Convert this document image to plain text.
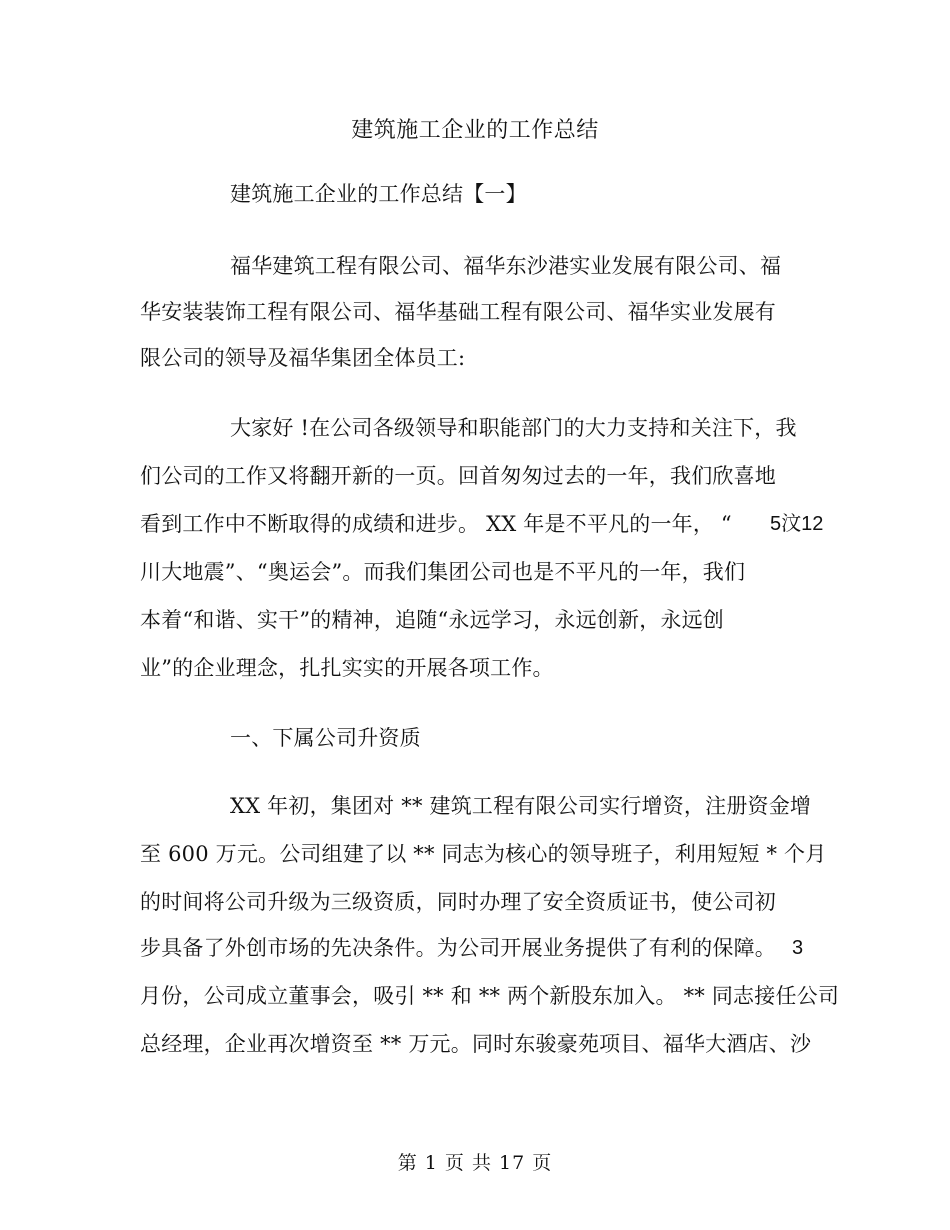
建筑施工企业的工作总结
建筑施工企业的工作总结【一】
福华建筑工程有限公司、福华东沙港实业发展有限公司、福
华安装装饰工程有限公司、福华基础工程有限公司、福华实业发展有
限公司的领导及福华集团全体员工:
大家好 !在公司各级领导和职能部门的大力支持和关注下，我
们公司的工作又将翻开新的一页。回首匆匆过去的一年，我们欣喜地
看到工作中不断取得的成绩和进步。 XX 年是不平凡的一年， “ 5汶12
川大地震”、“奥运会”。而我们集团公司也是不平凡的一年，我们
本着“和谐、实干”的精神，追随“永远学习，永远创新，永远创
业”的企业理念，扎扎实实的开展各项工作。
一、下属公司升资质
XX 年初，集团对 ** 建筑工程有限公司实行增资，注册资金增
至 600 万元。公司组建了以 ** 同志为核心的领导班子，利用短短 * 个月
的时间将公司升级为三级资质，同时办理了安全资质证书，使公司初
步具备了外创市场的先决条件。为公司开展业务提供了有利的保障。 3
月份，公司成立董事会，吸引 ** 和 ** 两个新股东加入。 ** 同志接任公司
总经理，企业再次增资至 ** 万元。同时东骏豪苑项目、福华大酒店、沙
第 1 页 共 17 页
